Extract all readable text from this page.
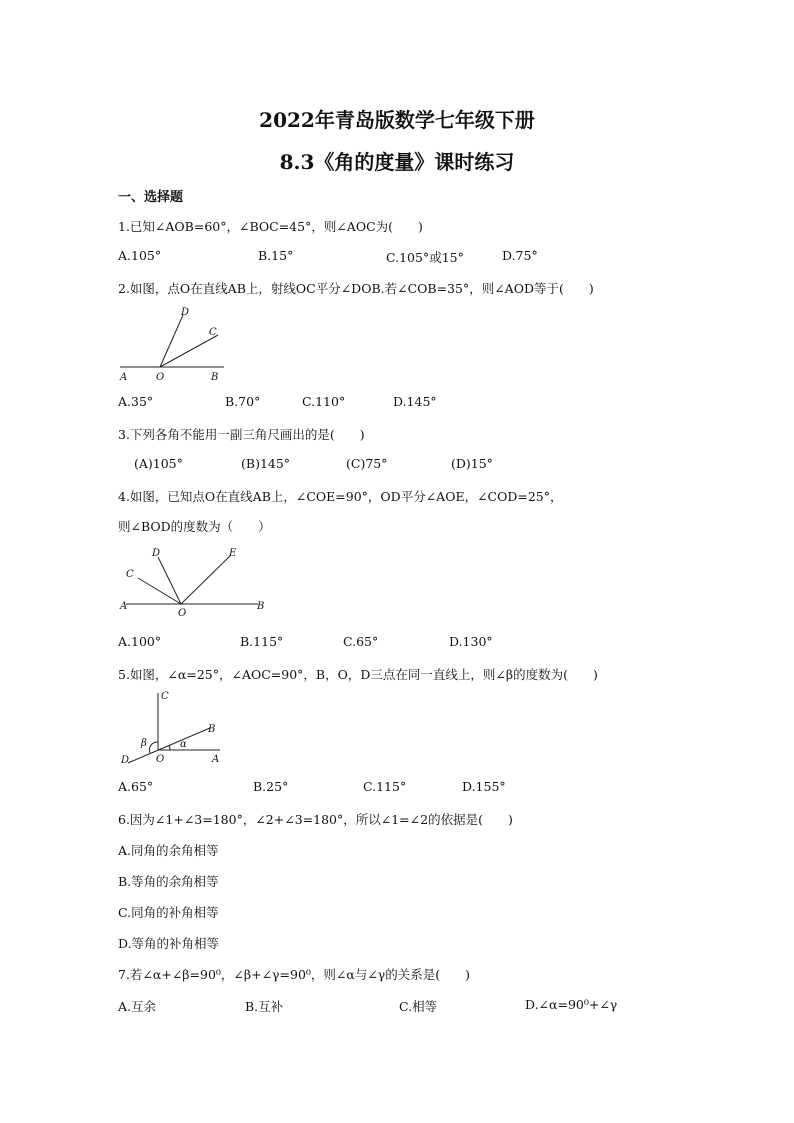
2022年青岛版数学七年级下册
8.3《角的度量》课时练习
一、选择题
1.已知∠AOB=60°，∠BOC=45°，则∠AOC为(　　)
A.105°	B.15°	C.105°或15°	D.75°
2.如图，点O在直线AB上，射线OC平分∠DOB.若∠COB=35°，则∠AOD等于(　　)
D
C
A	O	B
A.35°	B.70°	C.110°	D.145°
3.下列各角不能用一副三角尺画出的是(　　)
(A)105°	(B)145°	(C)75°	(D)15°
4.如图，已知点O在直线AB上，∠COE=90°，OD平分∠AOE，∠COD=25°，
则∠BOD的度数为（　　）
D	E
C
A
O
B
A.100°	B.115°	C.65°	D.130°
5.如图，∠α=25°，∠AOC=90°，B，O，D三点在同一直线上，则∠β的度数为(　　)
C
B
β	α
D	O	A
A.65°	B.25°	C.115°	D.155°
6.因为∠1+∠3=180°，∠2+∠3=180°，所以∠1=∠2的依据是(　　)
A.同角的余角相等
B.等角的余角相等
C.同角的补角相等
D.等角的补角相等
7.若∠α+∠β=90⁰，∠β+∠γ=90⁰，则∠α与∠γ的关系是(　　)
A.互余	B.互补	C.相等	D.∠α=90⁰+∠γ
